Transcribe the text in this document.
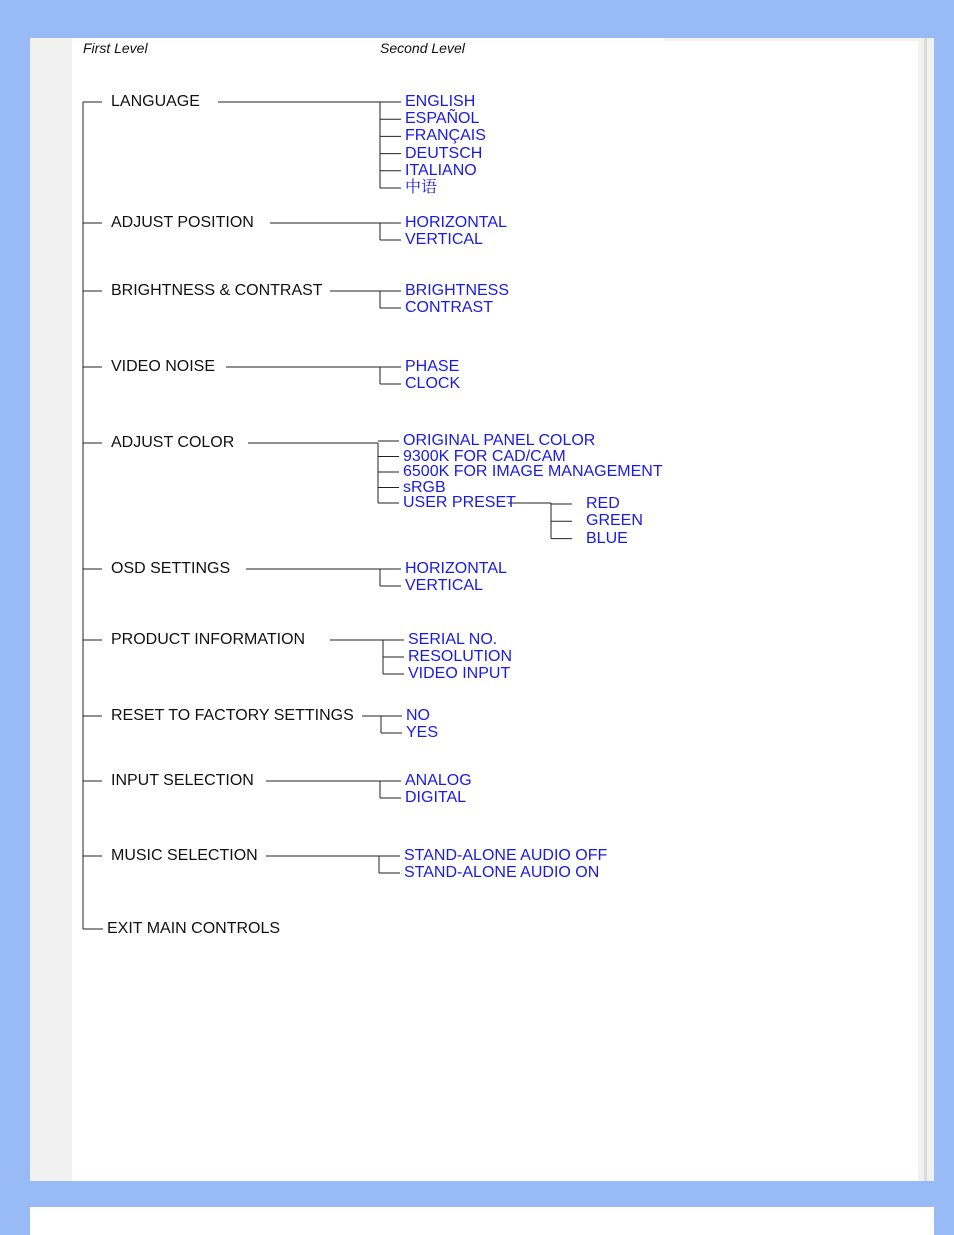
First Level	Second Level
LANGUAGE	ENGLISH
ESPAÑOL
FRANÇAIS
DEUTSCH
ITALIANO
中语
ADJUST POSITION	HORIZONTAL
VERTICAL
BRIGHTNESS & CONTRAST	BRIGHTNESS
CONTRAST
VIDEO NOISE	PHASE
CLOCK
ADJUST COLOR	ORIGINAL PANEL COLOR
9300K FOR CAD/CAM
6500K FOR IMAGE MANAGEMENT
sRGB
USER PRESET	RED
GREEN
BLUE
OSD SETTINGS	HORIZONTAL
VERTICAL
PRODUCT INFORMATION	SERIAL NO.
RESOLUTION
VIDEO INPUT
RESET TO FACTORY SETTINGS	NO
YES
INPUT SELECTION	ANALOG
DIGITAL
MUSIC SELECTION	STAND-ALONE AUDIO OFF
STAND-ALONE AUDIO ON
EXIT MAIN CONTROLS
